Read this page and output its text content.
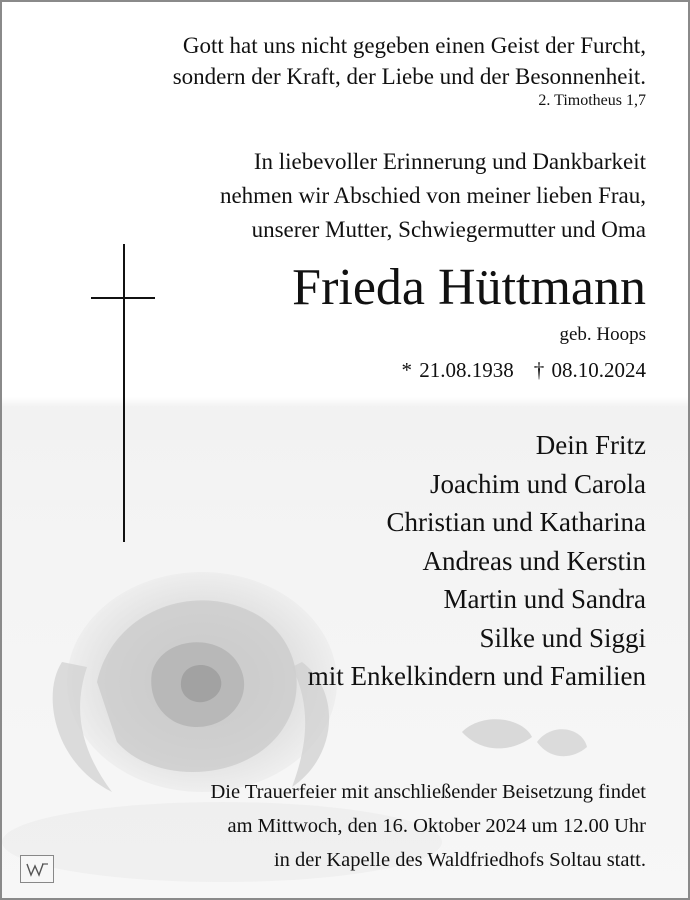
Gott hat uns nicht gegeben einen Geist der Furcht,
sondern der Kraft, der Liebe und der Besonnenheit.
2. Timotheus 1,7
In liebevoller Erinnerung und Dankbarkeit
nehmen wir Abschied von meiner lieben Frau,
unserer Mutter, Schwiegermutter und Oma
Frieda Hüttmann
geb. Hoops
* 21.08.1938 † 08.10.2024
Dein Fritz
Joachim und Carola
Christian und Katharina
Andreas und Kerstin
Martin und Sandra
Silke und Siggi
mit Enkelkindern und Familien
Die Trauerfeier mit anschließender Beisetzung findet
am Mittwoch, den 16. Oktober 2024 um 12.00 Uhr
in der Kapelle des Waldfriedhofs Soltau statt.
